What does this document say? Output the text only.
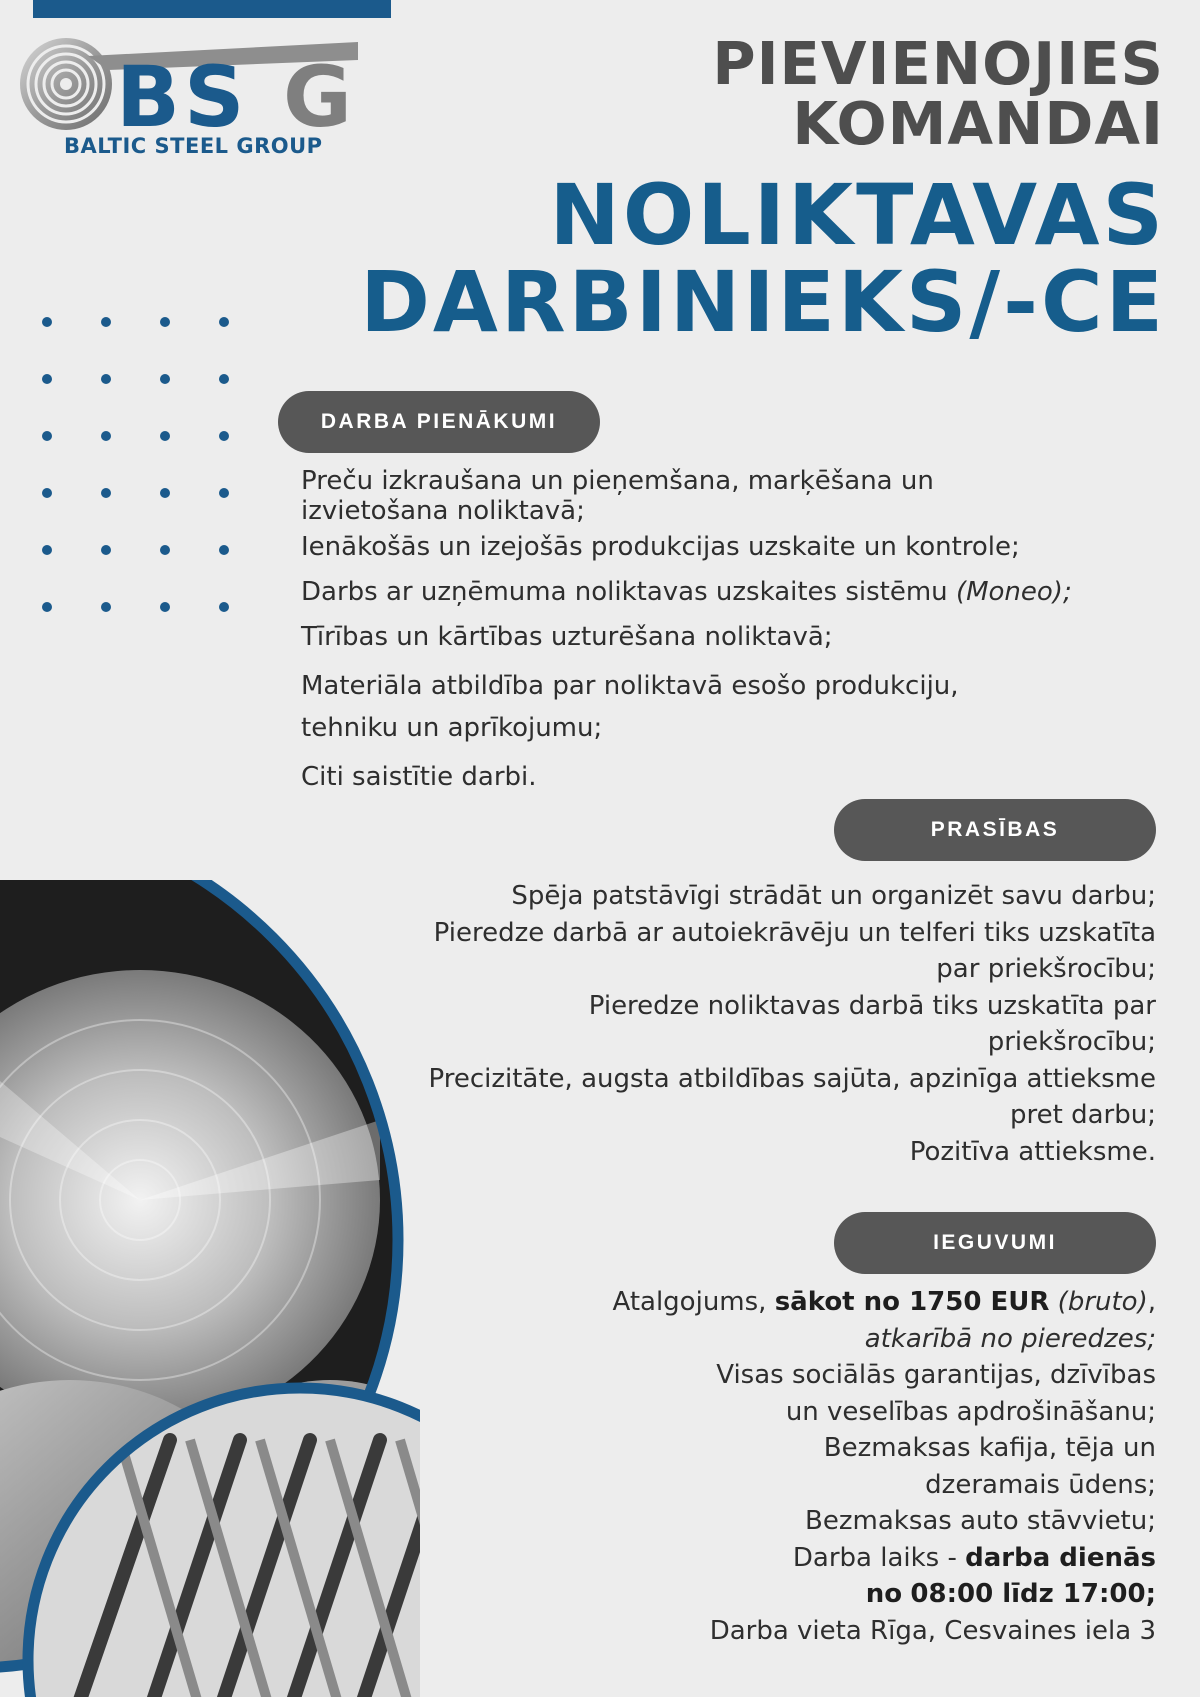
BS G
BALTIC STEEL GROUP
PIEVIENOJIES
KOMANDAI
NOLIKTAVAS
DARBINIEKS/-CE
DARBA PIENĀKUMI
Preču izkraušana un pieņemšana, marķēšana un izvietošana noliktavā;
Ienākošās un izejošās produkcijas uzskaite un kontrole;
Darbs ar uzņēmuma noliktavas uzskaites sistēmu (Moneo);
Tīrības un kārtības uzturēšana noliktavā;
Materiāla atbildība par noliktavā esošo produkciju, tehniku un aprīkojumu;
Citi saistītie darbi.
PRASĪBAS
Spēja patstāvīgi strādāt un organizēt savu darbu;
Pieredze darbā ar autoiekrāvēju un telferi tiks uzskatīta par priekšrocību;
Pieredze noliktavas darbā tiks uzskatīta par priekšrocību;
Precizitāte, augsta atbildības sajūta, apzinīga attieksme pret darbu;
Pozitīva attieksme.
IEGUVUMI
Atalgojums, sākot no 1750 EUR (bruto),
atkarībā no pieredzes;
Visas sociālās garantijas, dzīvības un veselības apdrošināšanu;
Bezmaksas kafija, tēja un dzeramais ūdens;
Bezmaksas auto stāvvietu;
Darba laiks - darba dienās no 08:00 līdz 17:00;
Darba vieta Rīga, Cesvaines iela 3
